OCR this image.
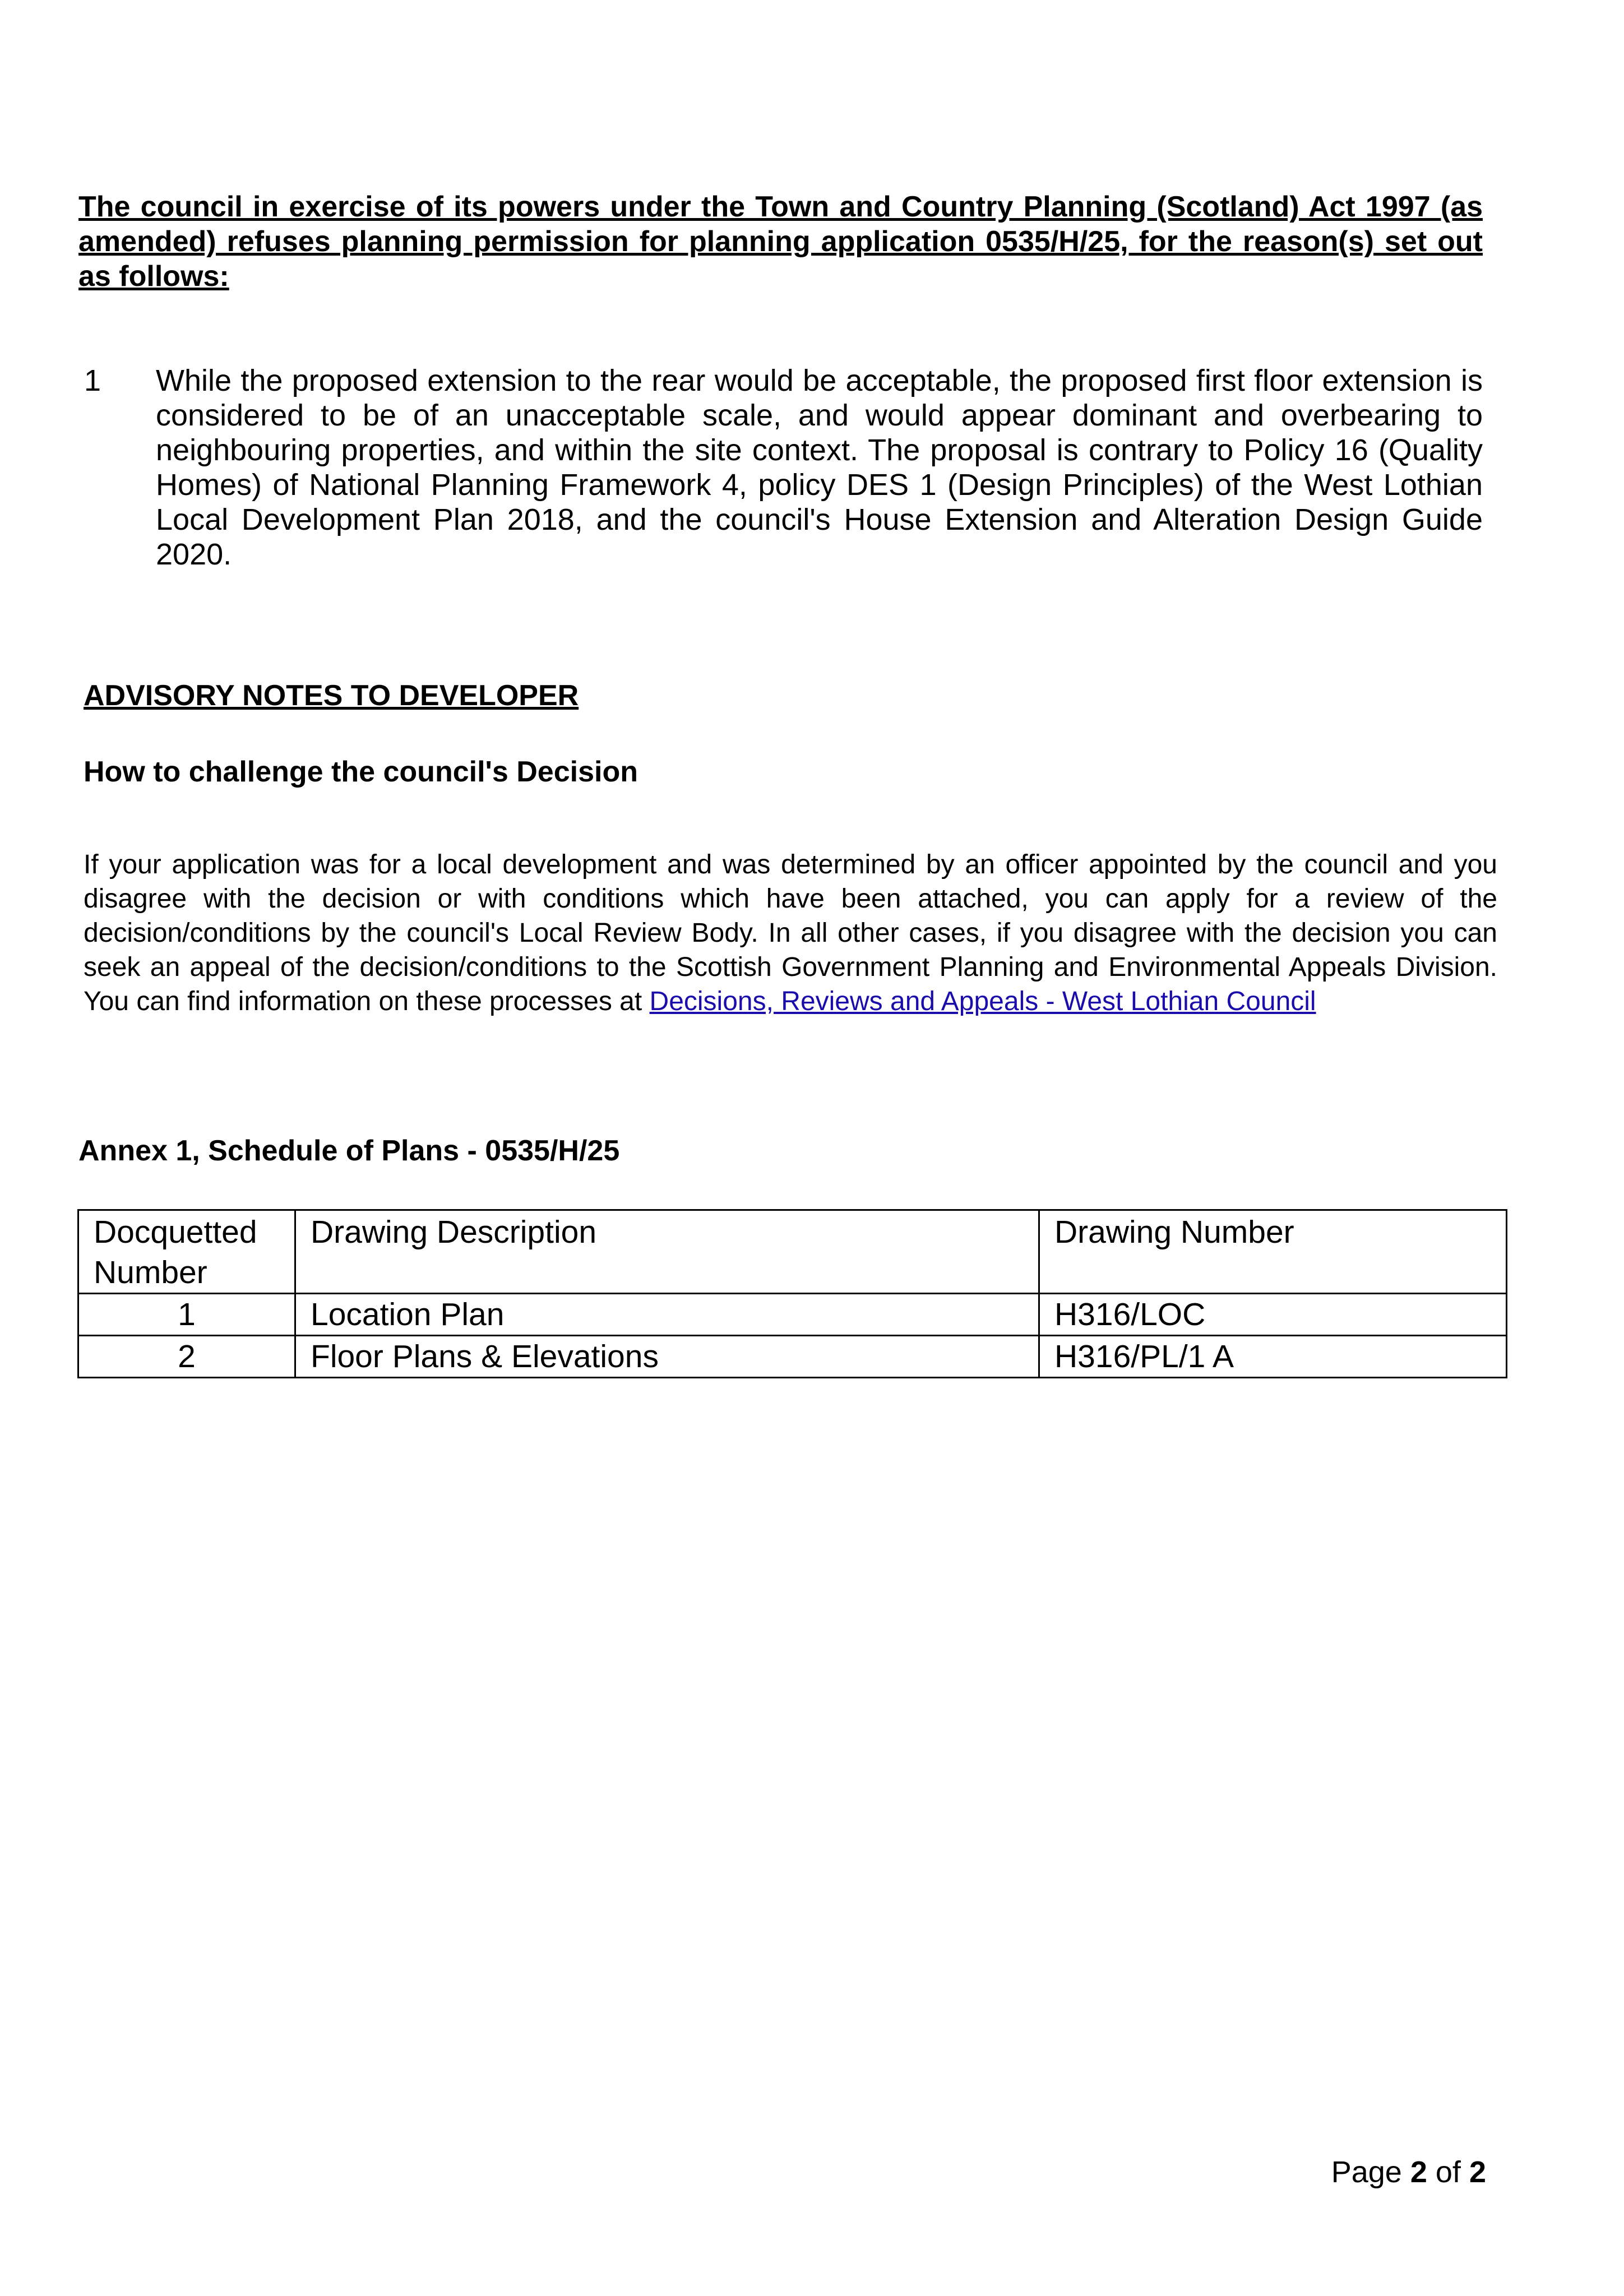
The council in exercise of its powers under the Town and Country Planning (Scotland) Act 1997 (as amended) refuses planning permission for planning application 0535/H/25, for the reason(s) set out as follows:

1 While the proposed extension to the rear would be acceptable, the proposed first floor extension is considered to be of an unacceptable scale, and would appear dominant and overbearing to neighbouring properties, and within the site context. The proposal is contrary to Policy 16 (Quality Homes) of National Planning Framework 4, policy DES 1 (Design Principles) of the West Lothian Local Development Plan 2018, and the council's House Extension and Alteration Design Guide 2020.

ADVISORY NOTES TO DEVELOPER

How to challenge the council's Decision

If your application was for a local development and was determined by an officer appointed by the council and you disagree with the decision or with conditions which have been attached, you can apply for a review of the decision/conditions by the council's Local Review Body. In all other cases, if you disagree with the decision you can seek an appeal of the decision/conditions to the Scottish Government Planning and Environmental Appeals Division. You can find information on these processes at Decisions, Reviews and Appeals - West Lothian Council

Annex 1, Schedule of Plans - 0535/H/25

Docquetted Number	Drawing Description	Drawing Number
1	Location Plan	H316/LOC
2	Floor Plans & Elevations	H316/PL/1 A

Page 2 of 2
